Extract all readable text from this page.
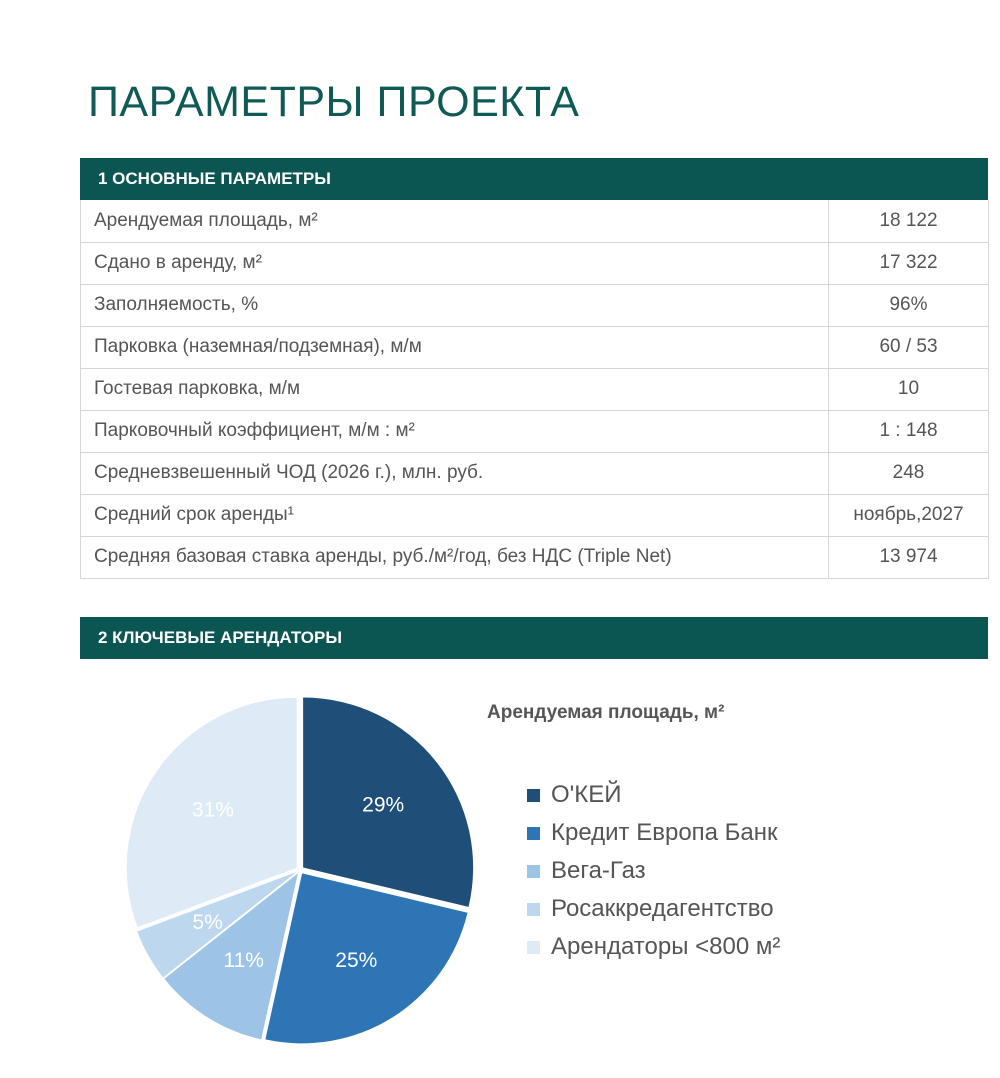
ПАРАМЕТРЫ ПРОЕКТА
1 ОСНОВНЫЕ ПАРАМЕТРЫ
Арендуемая площадь, м²	18 122
Сдано в аренду, м²	17 322
Заполняемость, %	96%
Парковка (наземная/подземная), м/м	60 / 53
Гостевая парковка, м/м	10
Парковочный коэффициент, м/м : м²	1 : 148
Средневзвешенный ЧОД (2026 г.), млн. руб.	248
Средний срок аренды¹	ноябрь,2027
Средняя базовая ставка аренды, руб./м²/год, без НДС (Triple Net)	13 974
2 КЛЮЧЕВЫЕ АРЕНДАТОРЫ
29%
25%
11%
5%
31%
Арендуемая площадь, м²
О'КЕЙ
Кредит Европа Банк
Вега-Газ
Росаккредагентство
Арендаторы <800 м²
